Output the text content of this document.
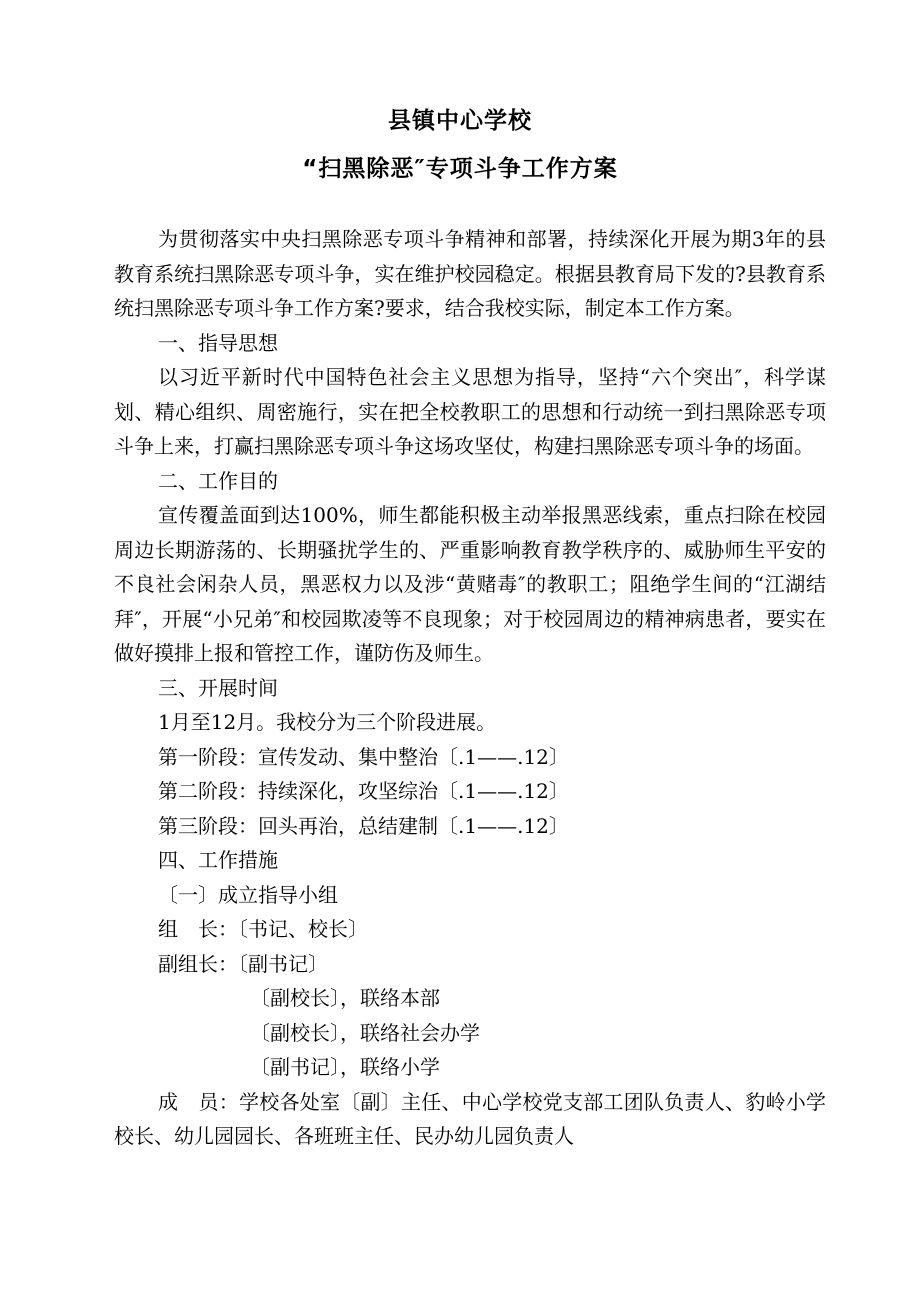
县镇中心学校
“扫黑除恶″专项斗争工作方案

为贯彻落实中央扫黑除恶专项斗争精神和部署，持续深化开展为期3年的县教育系统扫黑除恶专项斗争，实在维护校园稳定。根据县教育局下发的?县教育系统扫黑除恶专项斗争工作方案?要求，结合我校实际，制定本工作方案。

一、指导思想

以习近平新时代中国特色社会主义思想为指导，坚持“六个突出″，科学谋划、精心组织、周密施行，实在把全校教职工的思想和行动统一到扫黑除恶专项斗争上来，打赢扫黑除恶专项斗争这场攻坚仗，构建扫黑除恶专项斗争的场面。

二、工作目的

宣传覆盖面到达100%，师生都能积极主动举报黑恶线索，重点扫除在校园周边长期游荡的、长期骚扰学生的、严重影响教育教学秩序的、威胁师生平安的不良社会闲杂人员，黑恶权力以及涉“黄赌毒″的教职工；阻绝学生间的“江湖结拜″，开展“小兄弟″和校园欺凌等不良现象；对于校园周边的精神病患者，要实在做好摸排上报和管控工作，谨防伤及师生。

三、开展时间

1月至12月。我校分为三个阶段进展。

第一阶段：宣传发动、集中整治〔.1——.12〕

第二阶段：持续深化，攻坚综治〔.1——.12〕

第三阶段：回头再治，总结建制〔.1——.12〕

四、工作措施

〔一〕成立指导小组

组　长：〔书记、校长〕

副组长：〔副书记〕

〔副校长〕，联络本部

〔副校长〕，联络社会办学

〔副书记〕，联络小学

成　员：学校各处室〔副〕主任、中心学校党支部工团队负责人、豹岭小学校长、幼儿园园长、各班班主任、民办幼儿园负责人
